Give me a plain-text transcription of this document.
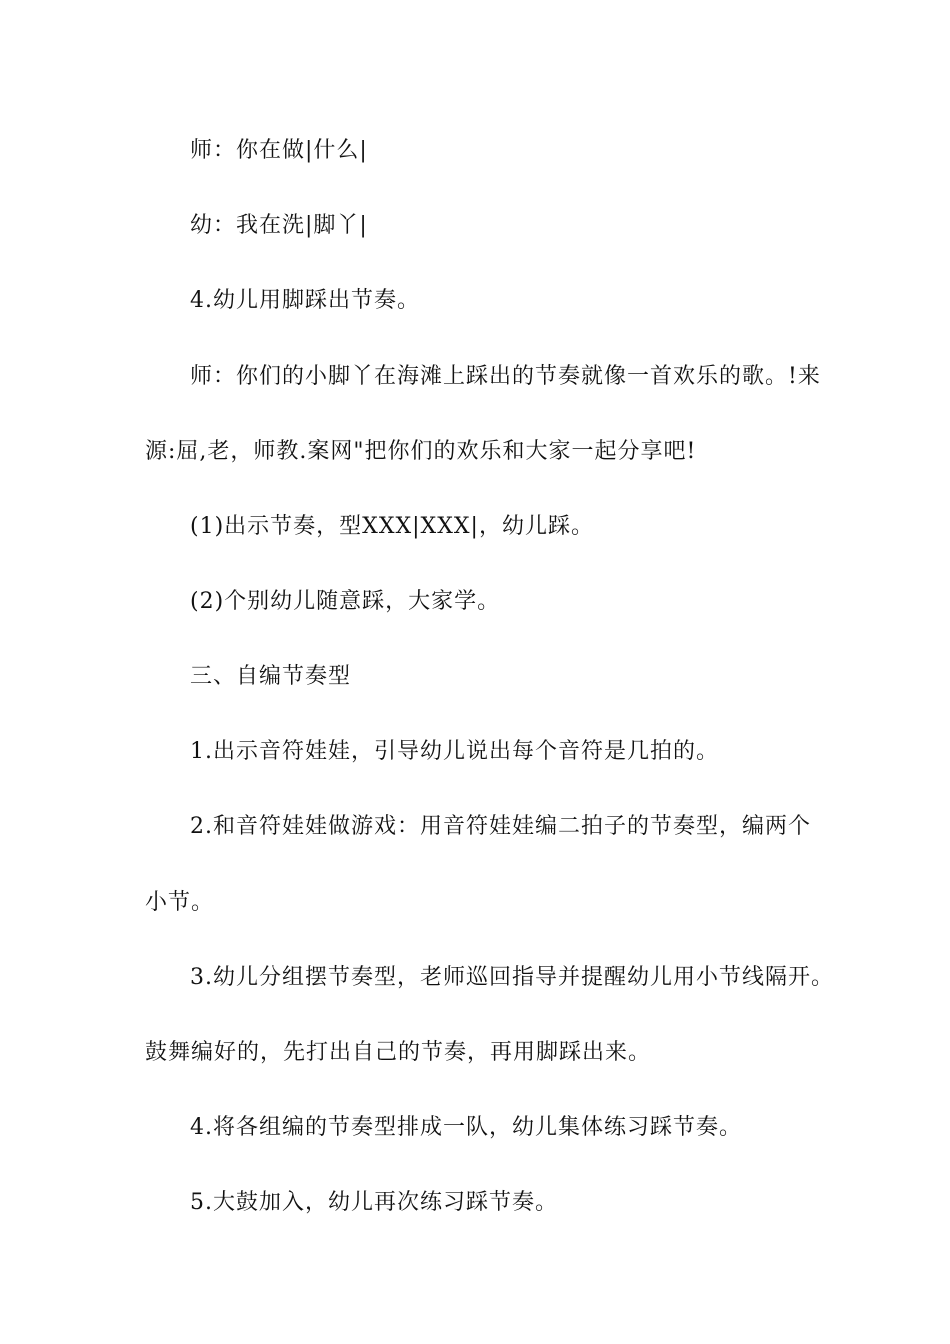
师：你在做|什么|
幼：我在洗|脚丫|
4.幼儿用脚踩出节奏。
师：你们的小脚丫在海滩上踩出的节奏就像一首欢乐的歌。!来
源:屈,老，师教.案网"把你们的欢乐和大家一起分享吧!
(1)出示节奏，型XXX|XXX|，幼儿踩。
(2)个别幼儿随意踩，大家学。
三、自编节奏型
1.出示音符娃娃，引导幼儿说出每个音符是几拍的。
2.和音符娃娃做游戏：用音符娃娃编二拍子的节奏型，编两个
小节。
3.幼儿分组摆节奏型，老师巡回指导并提醒幼儿用小节线隔开。
鼓舞编好的，先打出自己的节奏，再用脚踩出来。
4.将各组编的节奏型排成一队，幼儿集体练习踩节奏。
5.大鼓加入，幼儿再次练习踩节奏。
